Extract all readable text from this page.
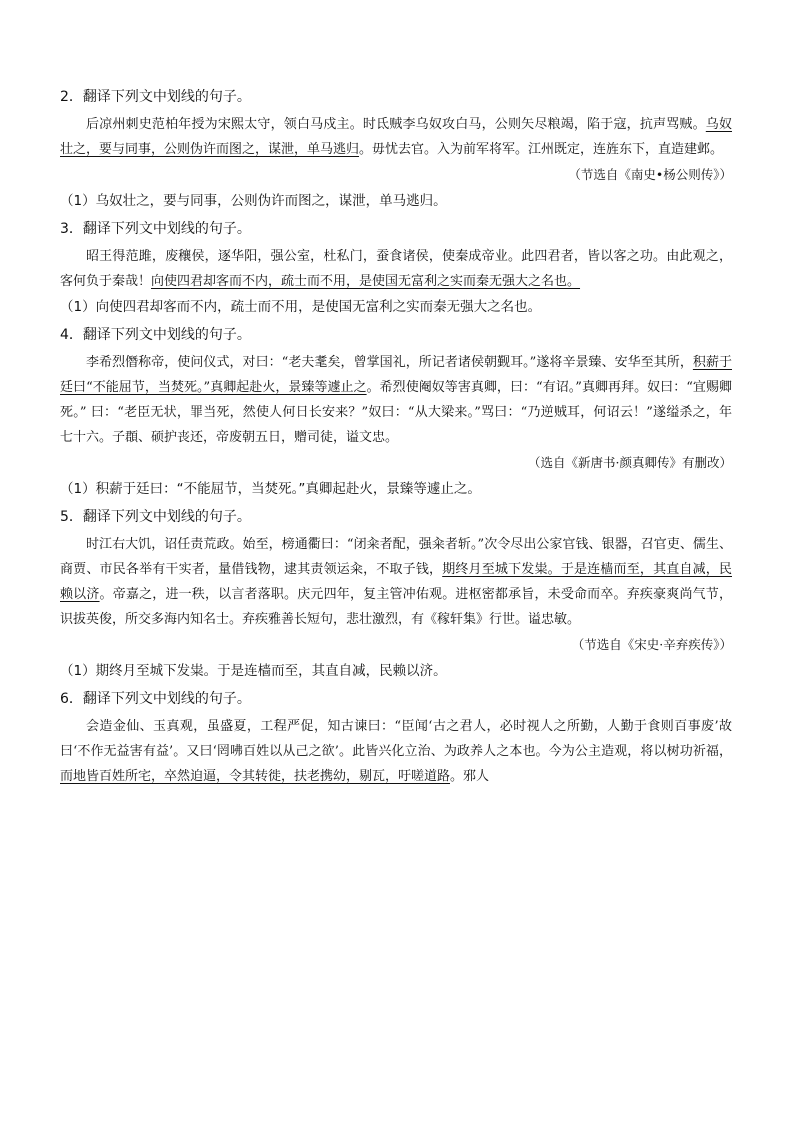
2．翻译下列文中划线的句子。

后凉州刺史范柏年授为宋熙太守，领白马戍主。时氐贼李乌奴攻白马，公则矢尽粮竭，陷于寇，抗声骂贼。乌奴壮之，要与同事，公则伪许而图之，谋泄，单马逃归。毋忧去官。入为前军将军。江州既定，连旌东下，直造建邺。

（节选自《南史•杨公则传》）

（1）乌奴壮之，要与同事，公则伪许而图之，谋泄，单马逃归。

3．翻译下列文中划线的句子。

昭王得范雎，废穰侯，逐华阳，强公室，杜私门，蚕食诸侯，使秦成帝业。此四君者，皆以客之功。由此观之，客何负于秦哉！向使四君却客而不内，疏士而不用，是使国无富利之实而秦无强大之名也。

（1）向使四君却客而不内，疏士而不用，是使国无富利之实而秦无强大之名也。

4．翻译下列文中划线的句子。

李希烈僭称帝，使问仪式，对曰：“老夫耄矣，曾掌国礼，所记者诸侯朝觐耳。”遂将辛景臻、安华至其所，积薪于廷曰“不能屈节，当焚死。”真卿起赴火，景臻等遽止之。希烈使阉奴等害真卿，曰：“有诏。”真卿再拜。奴曰：“宜赐卿死。” 曰：“老臣无状，罪当死，然使人何日长安来？”奴曰：“从大梁来。”骂曰：“乃逆贼耳，何诏云！”遂缢杀之，年七十六。子頵、硕护丧还，帝废朝五日，赠司徒，谥文忠。

（选自《新唐书·颜真卿传》有删改）

（1）积薪于廷曰：“不能屈节，当焚死。”真卿起赴火，景臻等遽止之。

5．翻译下列文中划线的句子。

时江右大饥，诏任责荒政。始至，榜通衢曰：“闭籴者配，强籴者斩。”次令尽出公家官钱、银器，召官吏、儒生、商贾、市民各举有干实者，量借钱物，逮其责领运籴，不取子钱，期终月至城下发粜。于是连樯而至，其直自减，民赖以济。帝嘉之，进一秩，以言者落职。庆元四年，复主管冲佑观。进枢密都承旨，未受命而卒。弃疾豪爽尚气节，识拔英俊，所交多海内知名士。弃疾雅善长短句，悲壮激烈，有《稼轩集》行世。谥忠敏。

（节选自《宋史·辛弃疾传》）

（1）期终月至城下发粜。于是连樯而至，其直自减，民赖以济。

6．翻译下列文中划线的句子。

会造金仙、玉真观，虽盛夏，工程严促，知古谏曰：“臣闻‘古之君人，必时视人之所勤，人勤于食则百事废’故曰‘不作无益害有益’。又曰‘罔咈百姓以从己之欲’。此皆兴化立治、为政养人之本也。今为公主造观，将以树功祈福，而地皆百姓所宅，卒然迫逼，令其转徙，扶老携幼，剔瓦，吁嗟道路。邪人
